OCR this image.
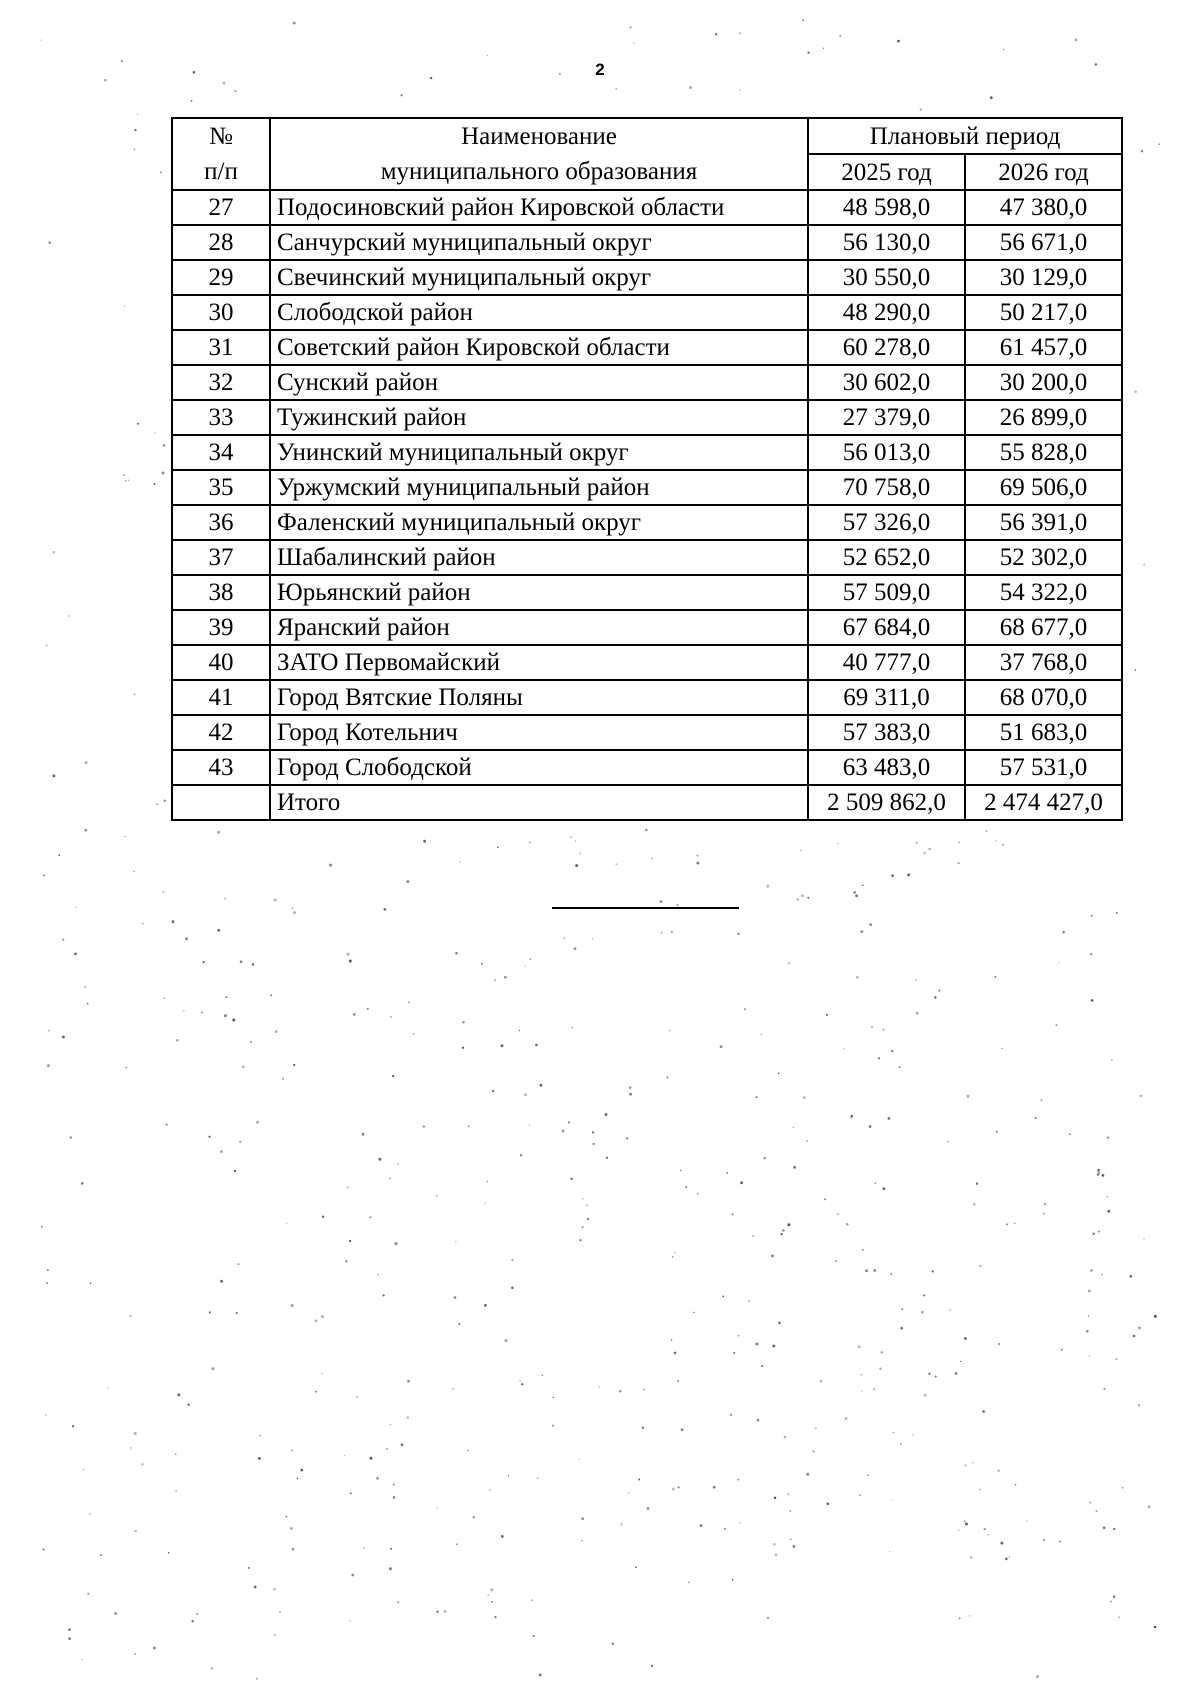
2
№	Наименование	Плановый период	
п/п	муниципального образования	2025 год	2026 год
27	Подосиновский район Кировской области	48 598,0	47 380,0
28	Санчурский муниципальный округ	56 130,0	56 671,0
29	Свечинский муниципальный округ	30 550,0	30 129,0
30	Слободской район	48 290,0	50 217,0
31	Советский район Кировской области	60 278,0	61 457,0
32	Сунский район	30 602,0	30 200,0
33	Тужинский район	27 379,0	26 899,0
34	Унинский муниципальный округ	56 013,0	55 828,0
35	Уржумский муниципальный район	70 758,0	69 506,0
36	Фаленский муниципальный округ	57 326,0	56 391,0
37	Шабалинский район	52 652,0	52 302,0
38	Юрьянский район	57 509,0	54 322,0
39	Яранский район	67 684,0	68 677,0
40	ЗАТО Первомайский	40 777,0	37 768,0
41	Город Вятские Поляны	69 311,0	68 070,0
42	Город Котельнич	57 383,0	51 683,0
43	Город Слободской	63 483,0	57 531,0
	Итого	2 509 862,0	2 474 427,0
